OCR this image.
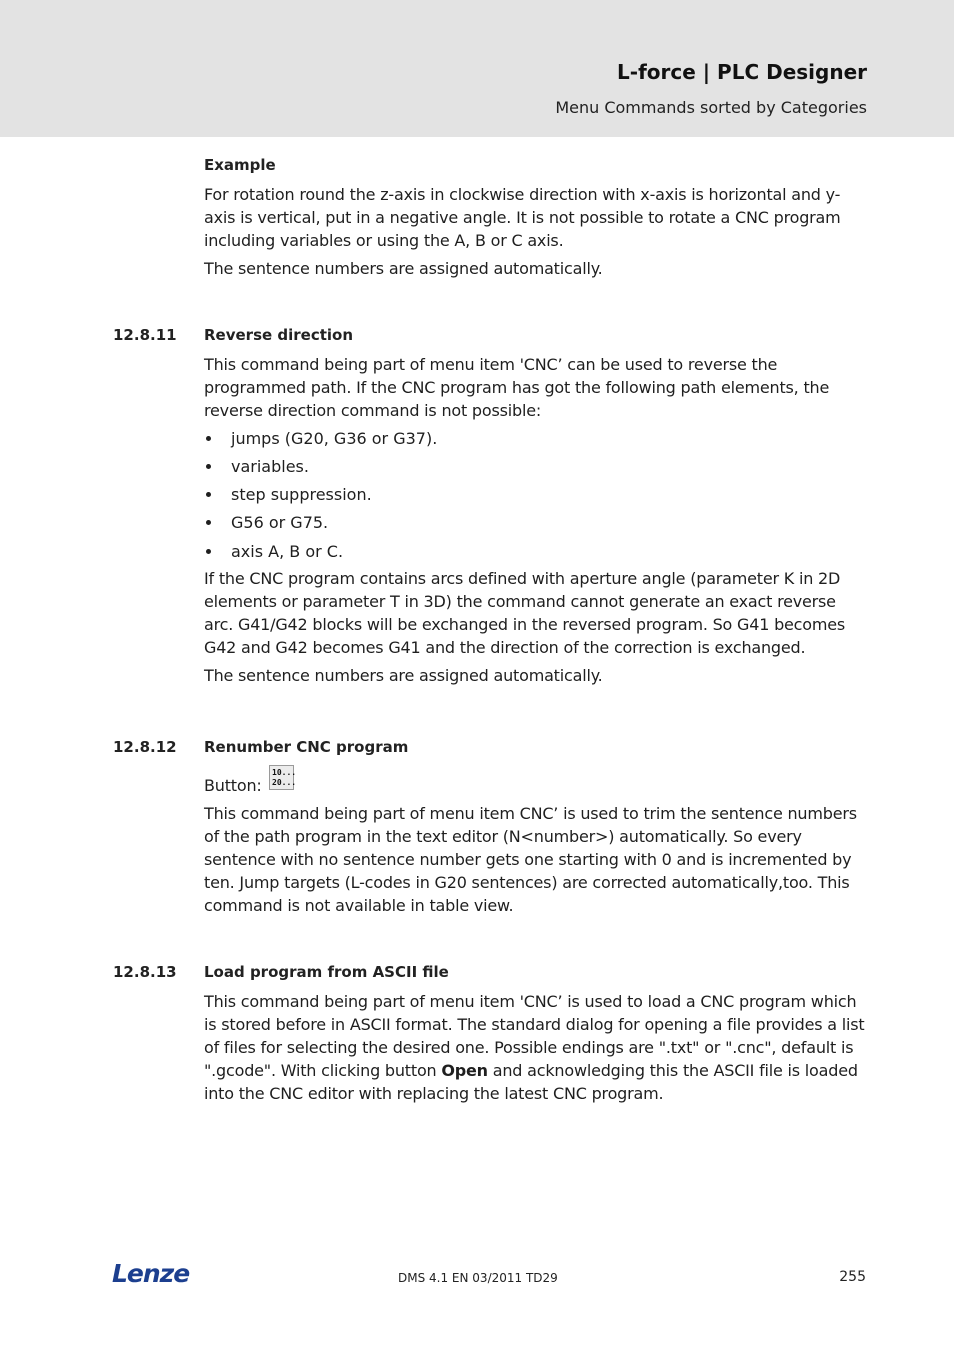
L-force | PLC Designer
Menu Commands sorted by Categories
Example
For rotation round the z-axis in clockwise direction with x-axis is horizontal and y-axis is vertical, put in a negative angle. It is not possible to rotate a CNC program including variables or using the A, B or C axis.
The sentence numbers are assigned automatically.
12.8.11 Reverse direction
This command being part of menu item 'CNC’ can be used to reverse the programmed path. If the CNC program has got the following path elements, the reverse direction command is not possible:
jumps (G20, G36 or G37).
variables.
step suppression.
G56 or G75.
axis A, B or C.
If the CNC program contains arcs defined with aperture angle (parameter K in 2D elements or parameter T in 3D) the command cannot generate an exact reverse arc. G41/G42 blocks will be exchanged in the reversed program. So G41 becomes G42 and G42 becomes G41 and the direction of the correction is exchanged.
The sentence numbers are assigned automatically.
12.8.12 Renumber CNC program
Button:
10...
20...
This command being part of menu item CNC’ is used to trim the sentence numbers of the path program in the text editor (N<number>) automatically. So every sentence with no sentence number gets one starting with 0 and is incremented by ten. Jump targets (L-codes in G20 sentences) are corrected automatically,too. This command is not available in table view.
12.8.13 Load program from ASCII file
This command being part of menu item 'CNC’ is used to load a CNC program which is stored before in ASCII format. The standard dialog for opening a file provides a list of files for selecting the desired one. Possible endings are ".txt" or ".cnc", default is ".gcode". With clicking button Open and acknowledging this the ASCII file is loaded into the CNC editor with replacing the latest CNC program.
Lenze	DMS 4.1 EN 03/2011 TD29	255
